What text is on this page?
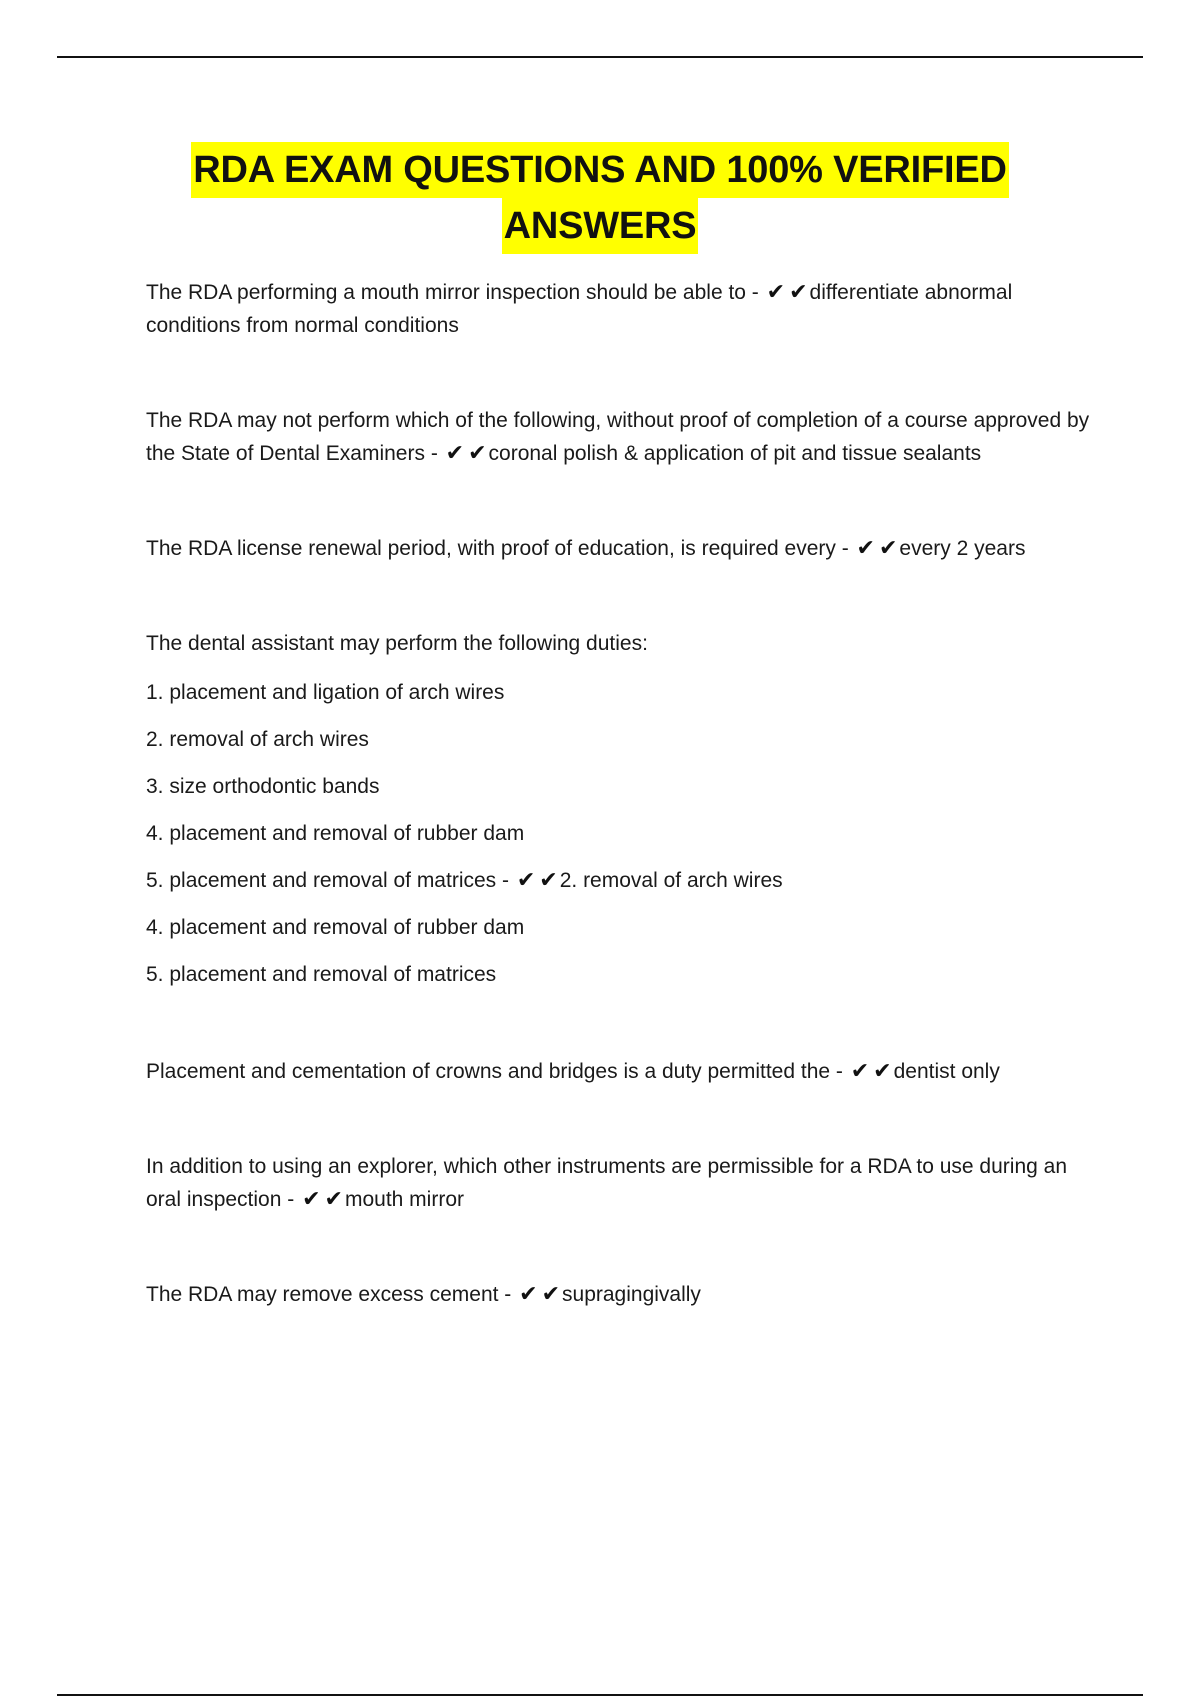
RDA EXAM QUESTIONS AND 100% VERIFIED
ANSWERS

The RDA performing a mouth mirror inspection should be able to - ✔ ✔differentiate abnormal conditions from normal conditions

The RDA may not perform which of the following, without proof of completion of a course approved by the State of Dental Examiners - ✔ ✔coronal polish & application of pit and tissue sealants

The RDA license renewal period, with proof of education, is required every - ✔ ✔every 2 years

The dental assistant may perform the following duties:

1. placement and ligation of arch wires

2. removal of arch wires

3. size orthodontic bands

4. placement and removal of rubber dam

5. placement and removal of matrices - ✔ ✔2. removal of arch wires

4. placement and removal of rubber dam

5. placement and removal of matrices

Placement and cementation of crowns and bridges is a duty permitted the - ✔ ✔dentist only

In addition to using an explorer, which other instruments are permissible for a RDA to use during an oral inspection - ✔ ✔mouth mirror

The RDA may remove excess cement - ✔ ✔supragingivally
